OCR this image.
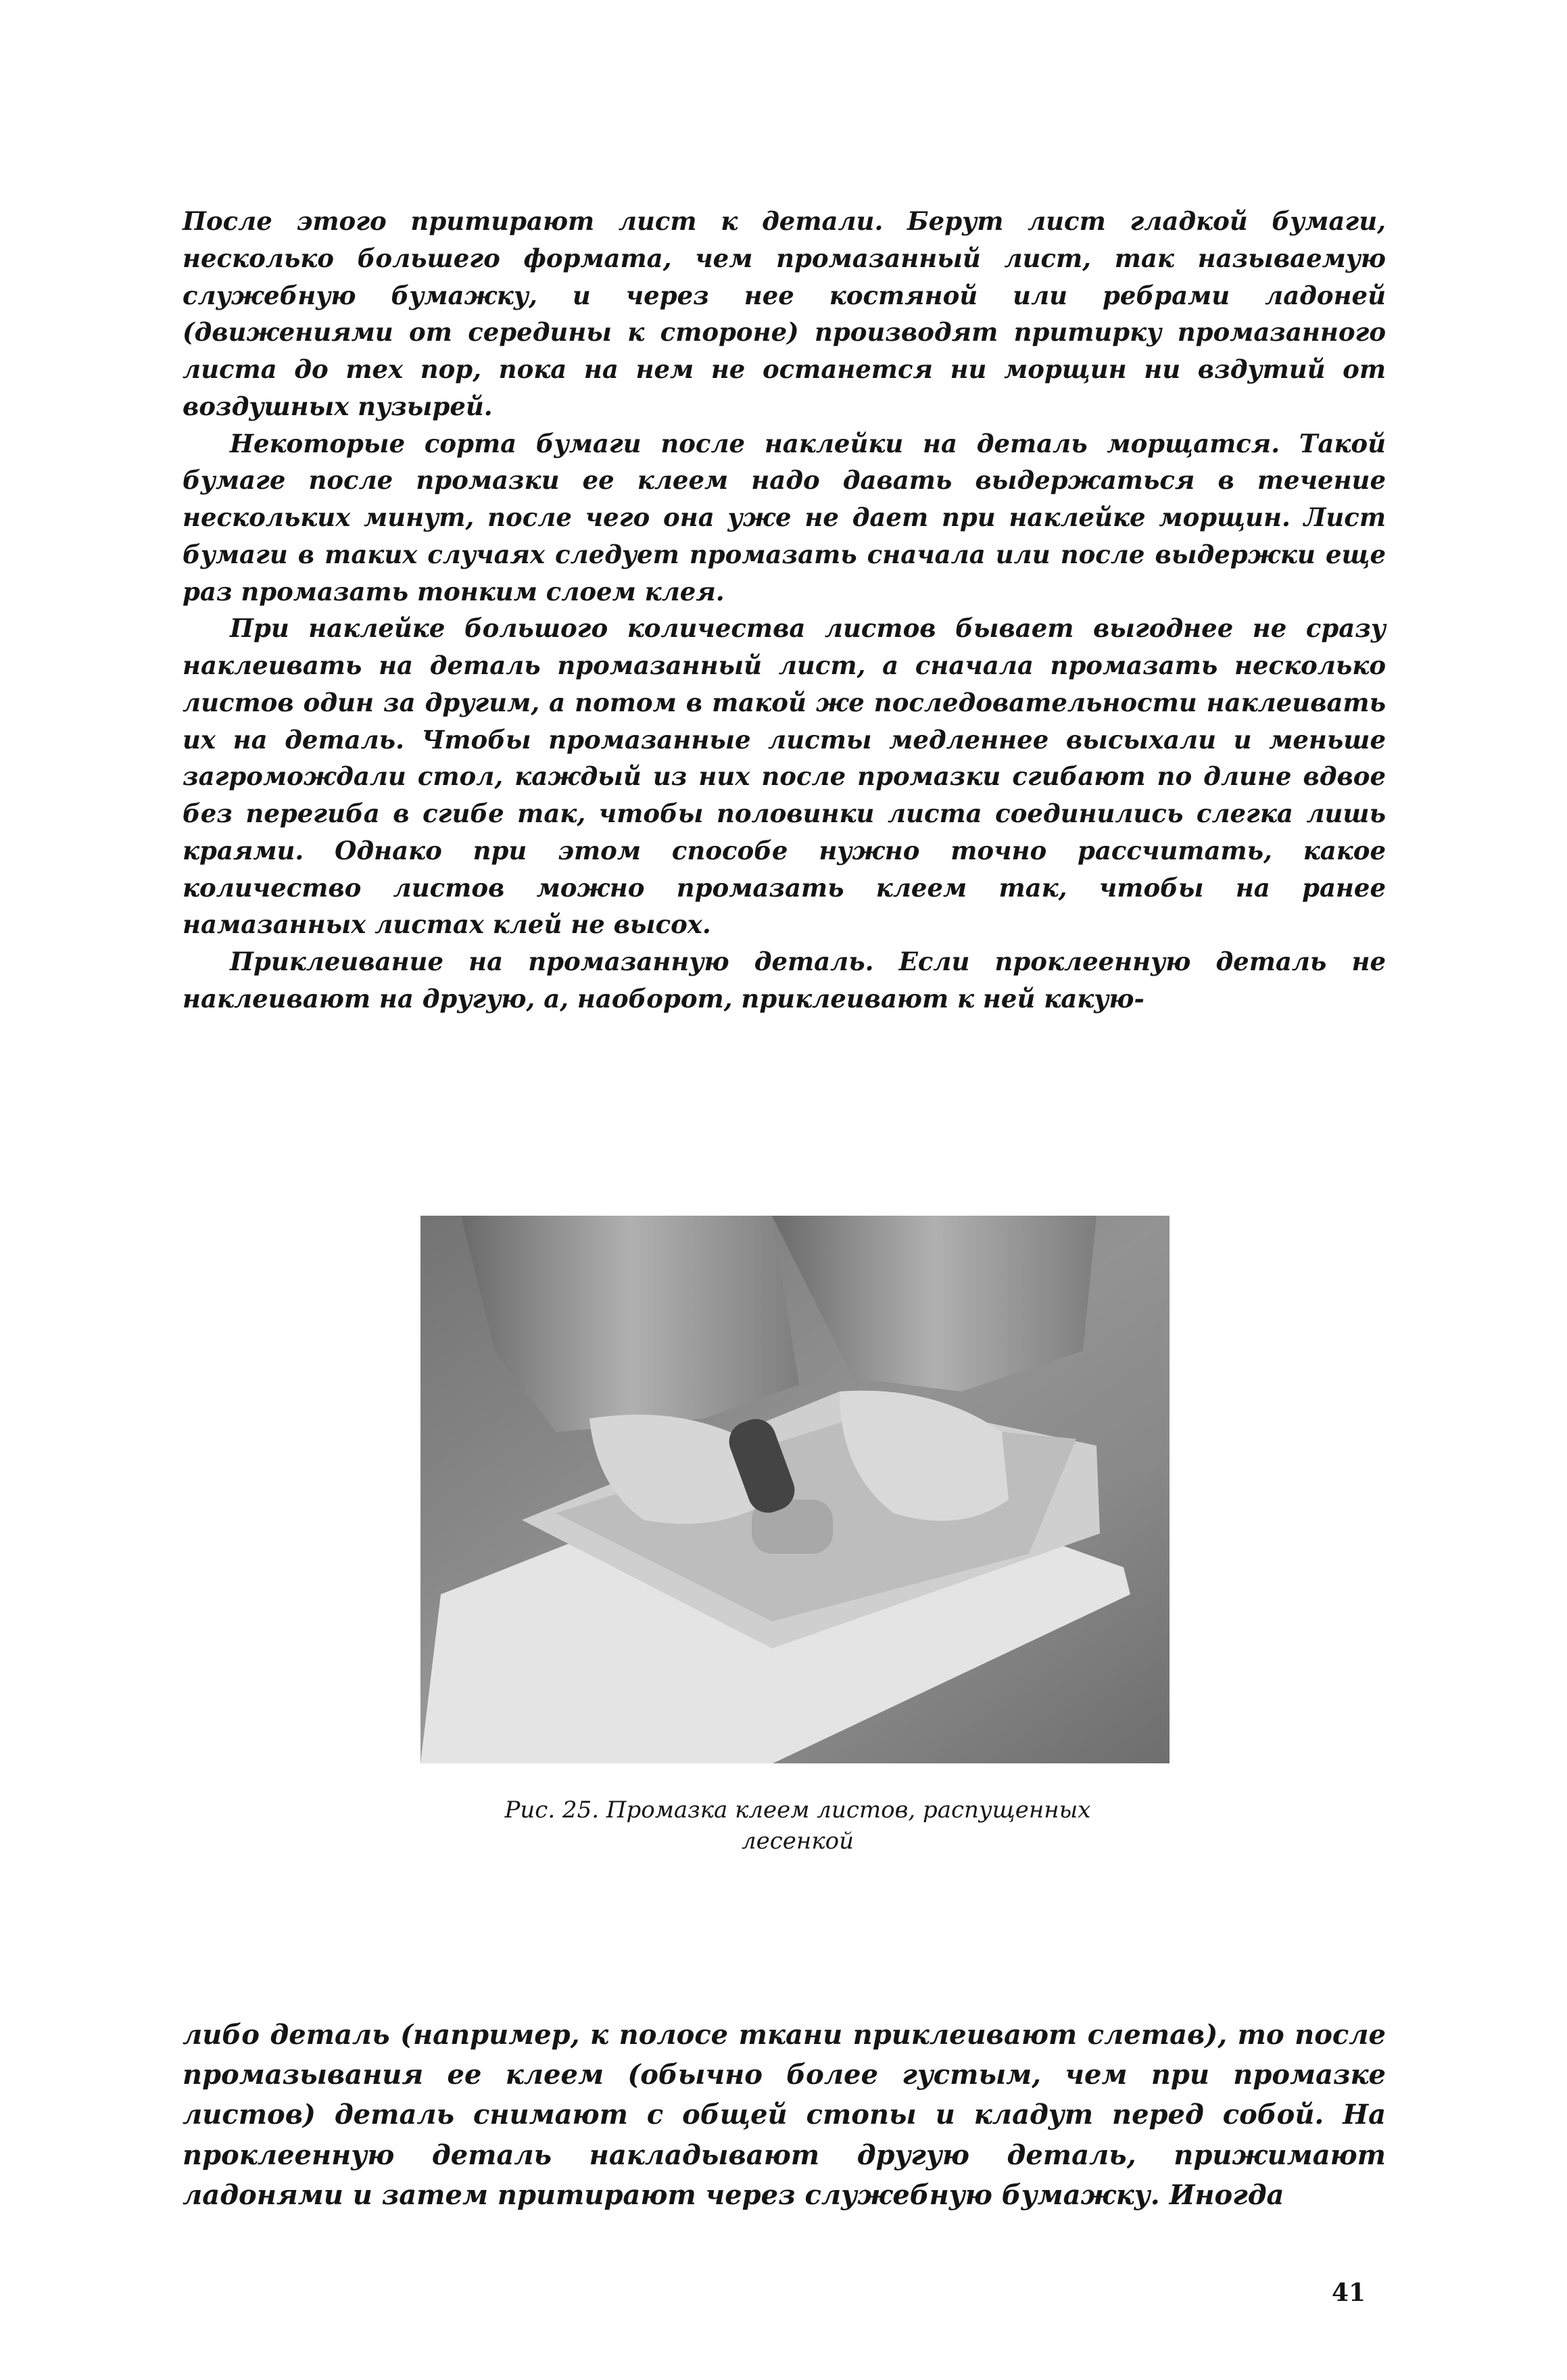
После этого притирают лист к детали. Берут лист гладкой бумаги, несколько большего формата, чем промазанный лист, так называемую служебную бумажку, и через нее костяной или ребрами ладоней (движениями от середины к стороне) производят притирку промазанного листа до тех пор, пока на нем не останется ни морщин ни вздутий от воздушных пузырей.

Некоторые сорта бумаги после наклейки на деталь морщатся. Такой бумаге после промазки ее клеем надо давать выдержаться в течение нескольких минут, после чего она уже не дает при наклейке морщин. Лист бумаги в таких случаях следует промазать сначала или после выдержки еще раз промазать тонким слоем клея.

При наклейке большого количества листов бывает выгоднее не сразу наклеивать на деталь промазанный лист, а сначала промазать несколько листов один за другим, а потом в такой же последовательности наклеивать их на деталь. Чтобы промазанные листы медленнее высыхали и меньше загромождали стол, каждый из них после промазки сгибают по длине вдвое без перегиба в сгибе так, чтобы половинки листа соединились слегка лишь краями. Однако при этом способе нужно точно рассчитать, какое количество листов можно промазать клеем так, чтобы на ранее намазанных листах клей не высох.

Приклеивание на промазанную деталь. Если проклеенную деталь не наклеивают на другую, а, наоборот, приклеивают к ней какую-

Рис. 25. Промазка клеем листов, распущенных
лесенкой

либо деталь (например, к полосе ткани приклеивают слетав), то после промазывания ее клеем (обычно более густым, чем при промазке листов) деталь снимают с общей стопы и кладут перед собой. На проклеенную деталь накладывают другую деталь, прижимают ладонями и затем притирают через служебную бумажку. Иногда

41
